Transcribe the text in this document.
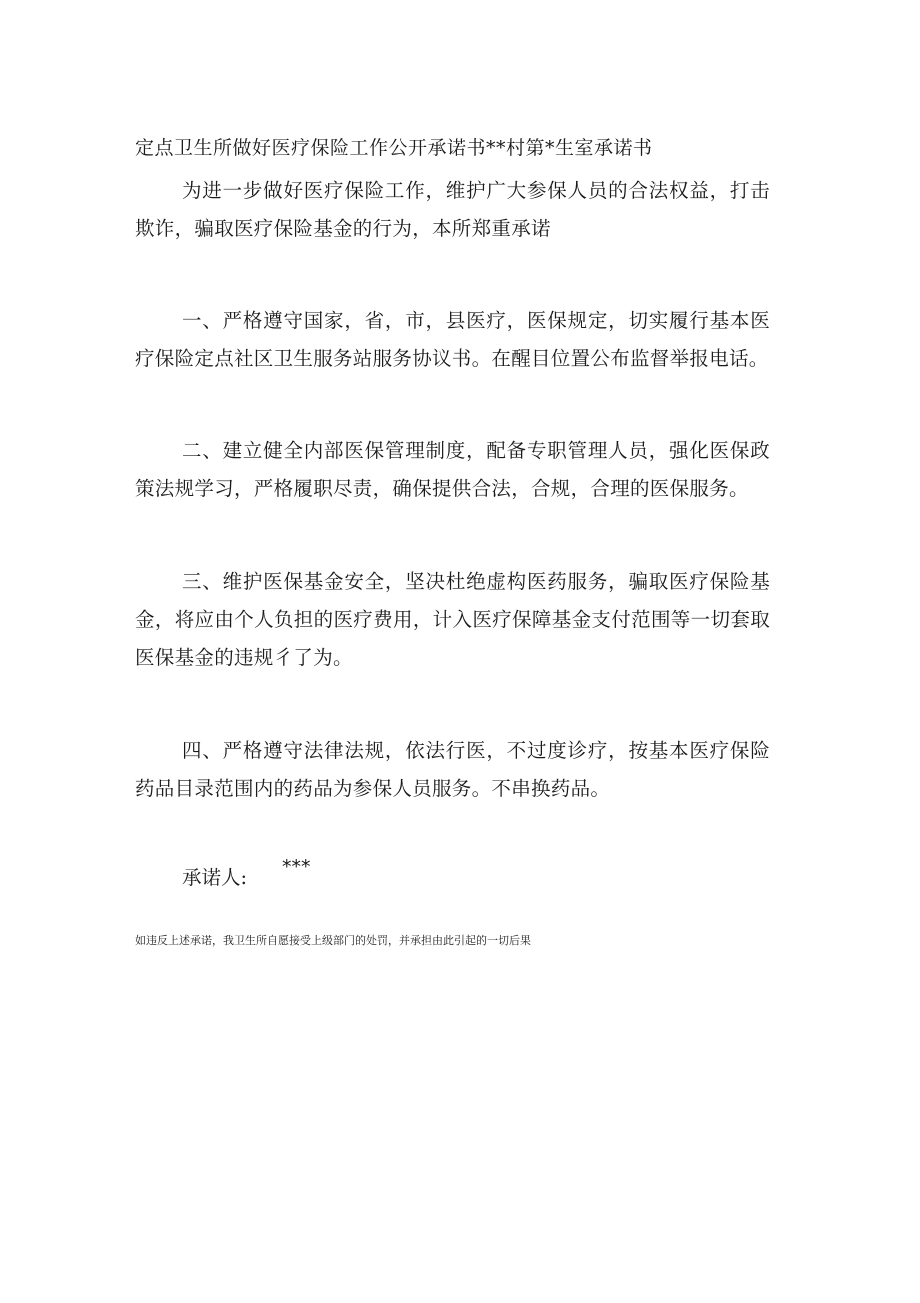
定点卫生所做好医疗保险工作公开承诺书**村第*生室承诺书

为进一步做好医疗保险工作，维护广大参保人员的合法权益，打击欺诈，骗取医疗保险基金的行为，本所郑重承诺

一、严格遵守国家，省，市，县医疗，医保规定，切实履行基本医疗保险定点社区卫生服务站服务协议书。在醒目位置公布监督举报电话。

二、建立健全内部医保管理制度，配备专职管理人员，强化医保政策法规学习，严格履职尽责，确保提供合法，合规，合理的医保服务。

三、维护医保基金安全，坚决杜绝虚构医药服务，骗取医疗保险基金，将应由个人负担的医疗费用，计入医疗保障基金支付范围等一切套取医保基金的违规彳了为。

四、严格遵守法律法规，依法行医，不过度诊疗，按基本医疗保险药品目录范围内的药品为参保人员服务。不串换药品。

承诺人: ***
如违反上述承诺，我卫生所自愿接受上级部门的处罚，并承担由此引起的一切后果
